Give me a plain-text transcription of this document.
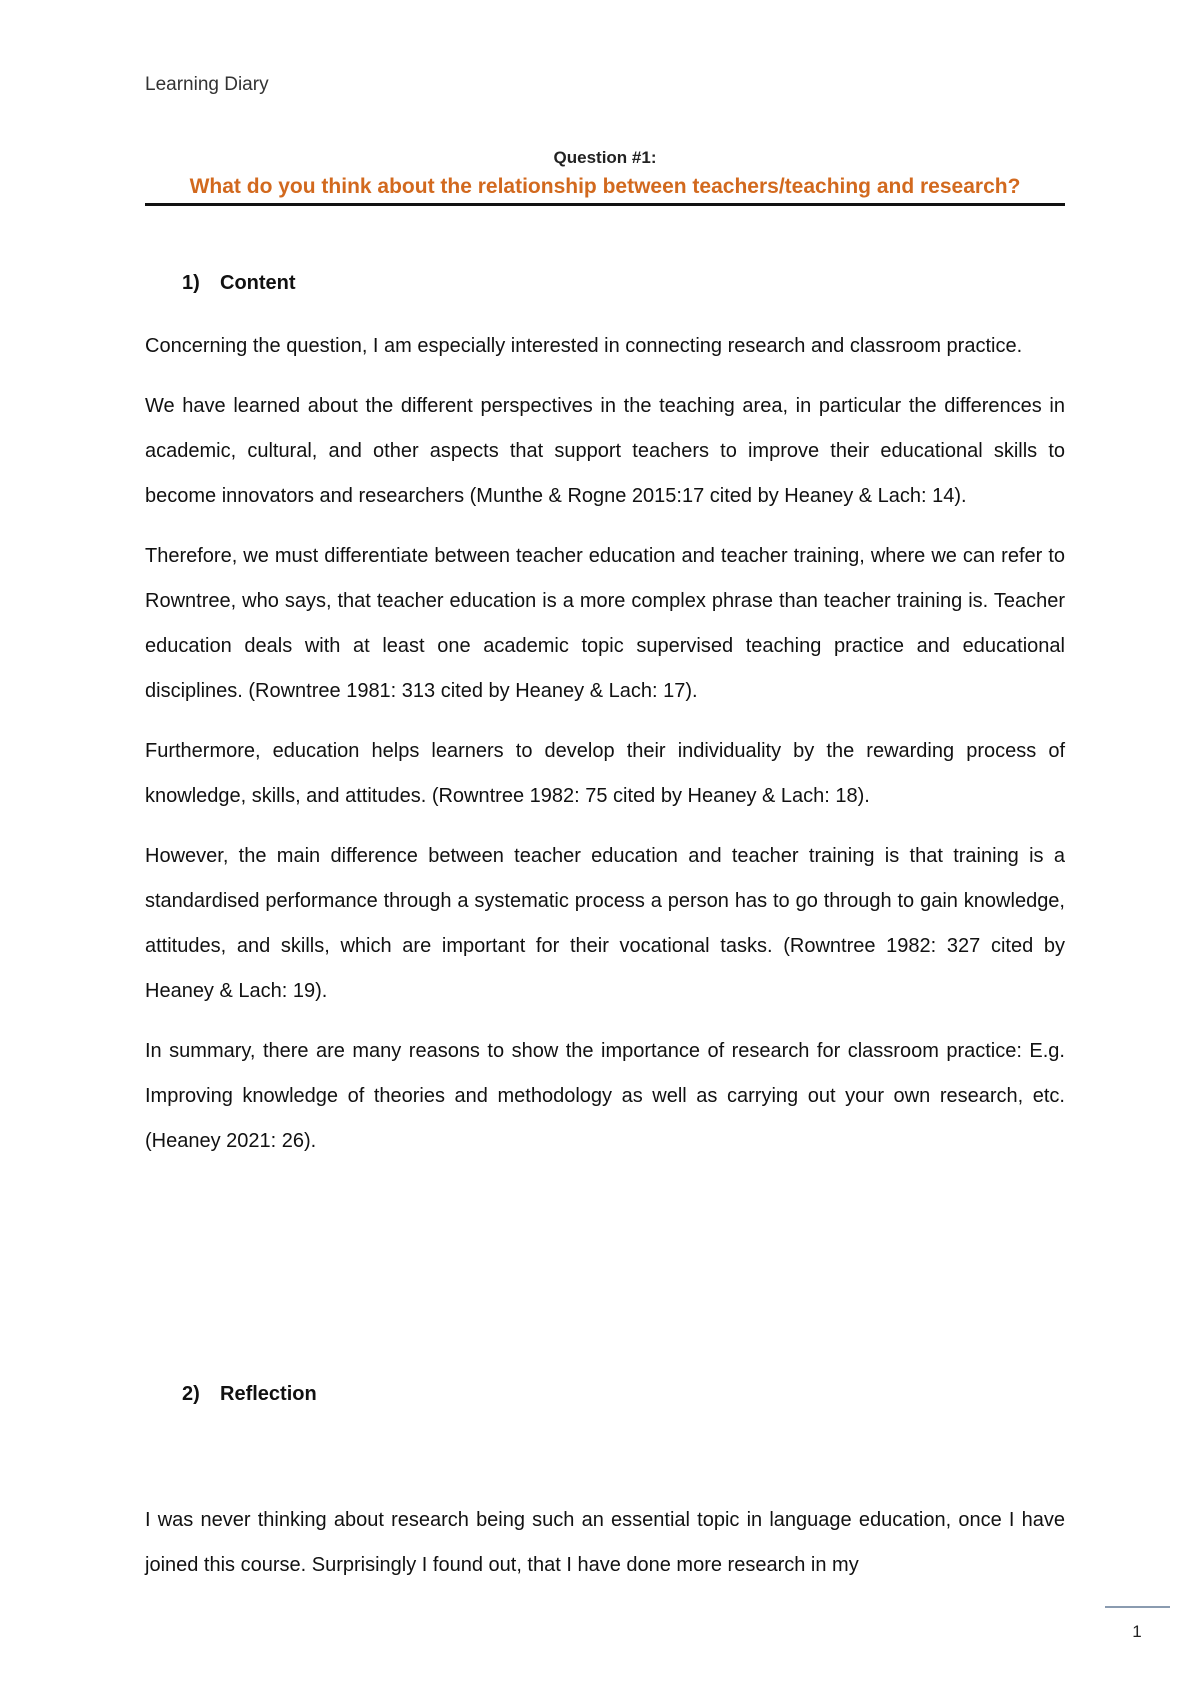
Learning Diary
Question #1:
What do you think about the relationship between teachers/teaching and research?
1) Content

Concerning the question, I am especially interested in connecting research and classroom practice.

We have learned about the different perspectives in the teaching area, in particular the differences in academic, cultural, and other aspects that support teachers to improve their educational skills to become innovators and researchers (Munthe & Rogne 2015:17 cited by Heaney & Lach: 14).

Therefore, we must differentiate between teacher education and teacher training, where we can refer to Rowntree, who says, that teacher education is a more complex phrase than teacher training is. Teacher education deals with at least one academic topic supervised teaching practice and educational disciplines. (Rowntree 1981: 313 cited by Heaney & Lach: 17).

Furthermore, education helps learners to develop their individuality by the rewarding process of knowledge, skills, and attitudes. (Rowntree 1982: 75 cited by Heaney & Lach: 18).

However, the main difference between teacher education and teacher training is that training is a standardised performance through a systematic process a person has to go through to gain knowledge, attitudes, and skills, which are important for their vocational tasks. (Rowntree 1982: 327 cited by Heaney & Lach: 19).

In summary, there are many reasons to show the importance of research for classroom practice: E.g. Improving knowledge of theories and methodology as well as carrying out your own research, etc. (Heaney 2021: 26).

2) Reflection

I was never thinking about research being such an essential topic in language education, once I have joined this course. Surprisingly I found out, that I have done more research in my

1
